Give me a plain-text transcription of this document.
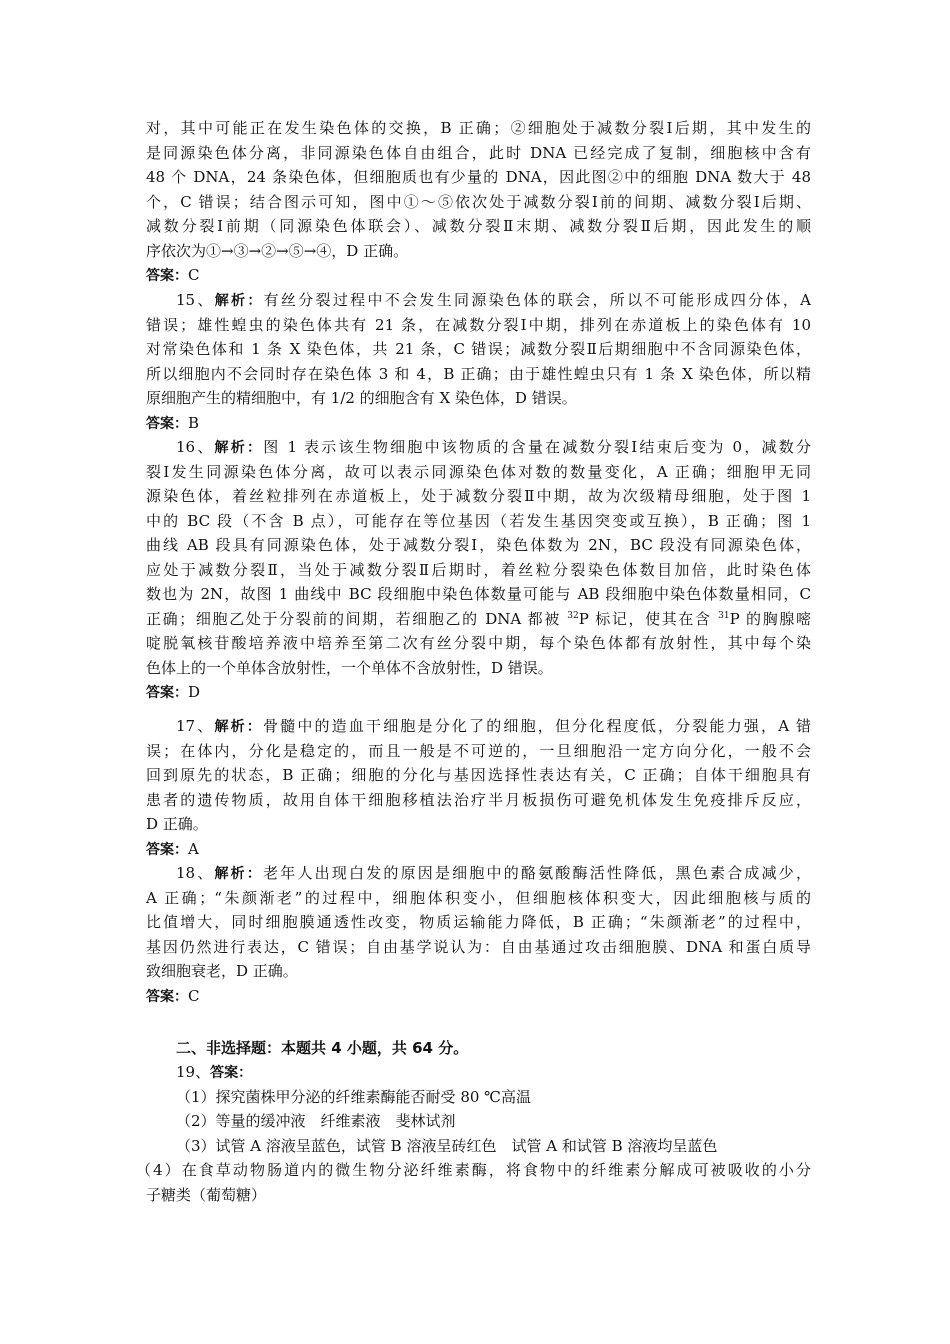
对，其中可能正在发生染色体的交换，B 正确；②细胞处于减数分裂Ⅰ后期，其中发生的
是同源染色体分离，非同源染色体自由组合，此时 DNA 已经完成了复制，细胞核中含有
48 个 DNA，24 条染色体，但细胞质也有少量的 DNA，因此图②中的细胞 DNA 数大于 48
个，C 错误；结合图示可知，图中①～⑤依次处于减数分裂Ⅰ前的间期、减数分裂Ⅰ后期、
减数分裂Ⅰ前期（同源染色体联会）、减数分裂Ⅱ末期、减数分裂Ⅱ后期，因此发生的顺
序依次为①→③→②→⑤→④，D 正确。
答案：C
15、解析：有丝分裂过程中不会发生同源染色体的联会，所以不可能形成四分体，A
错误；雄性蝗虫的染色体共有 21 条，在减数分裂Ⅰ中期，排列在赤道板上的染色体有 10
对常染色体和 1 条 X 染色体，共 21 条，C 错误；减数分裂Ⅱ后期细胞中不含同源染色体，
所以细胞内不会同时存在染色体 3 和 4，B 正确；由于雄性蝗虫只有 1 条 X 染色体，所以精
原细胞产生的精细胞中，有 1/2 的细胞含有 X 染色体，D 错误。
答案：B
16、解析：图 1 表示该生物细胞中该物质的含量在减数分裂Ⅰ结束后变为 0，减数分
裂Ⅰ发生同源染色体分离，故可以表示同源染色体对数的数量变化，A 正确；细胞甲无同
源染色体，着丝粒排列在赤道板上，处于减数分裂Ⅱ中期，故为次级精母细胞，处于图 1
中的 BC 段（不含 B 点），可能存在等位基因（若发生基因突变或互换），B 正确；图 1
曲线 AB 段具有同源染色体，处于减数分裂Ⅰ，染色体数为 2N，BC 段没有同源染色体，
应处于减数分裂Ⅱ，当处于减数分裂Ⅱ后期时，着丝粒分裂染色体数目加倍，此时染色体
数也为 2N，故图 1 曲线中 BC 段细胞中染色体数量可能与 AB 段细胞中染色体数量相同，C
正确；细胞乙处于分裂前的间期，若细胞乙的 DNA 都被 $^{32}$P 标记，使其在含 $^{31}$P 的胸腺嘧
啶脱氧核苷酸培养液中培养至第二次有丝分裂中期，每个染色体都有放射性，其中每个染
色体上的一个单体含放射性，一个单体不含放射性，D 错误。
答案：D
17、解析：骨髓中的造血干细胞是分化了的细胞，但分化程度低，分裂能力强，A 错
误；在体内，分化是稳定的，而且一般是不可逆的，一旦细胞沿一定方向分化，一般不会
回到原先的状态，B 正确；细胞的分化与基因选择性表达有关，C 正确；自体干细胞具有
患者的遗传物质，故用自体干细胞移植法治疗半月板损伤可避免机体发生免疫排斥反应，
D 正确。
答案：A
18、解析：老年人出现白发的原因是细胞中的酪氨酸酶活性降低，黑色素合成减少，
A 正确；“朱颜渐老”的过程中，细胞体积变小，但细胞核体积变大，因此细胞核与质的
比值增大，同时细胞膜通透性改变，物质运输能力降低，B 正确；“朱颜渐老”的过程中，
基因仍然进行表达，C 错误；自由基学说认为：自由基通过攻击细胞膜、DNA 和蛋白质导
致细胞衰老，D 正确。
答案：C
二、非选择题：本题共 4 小题，共 64 分。
19、答案：
（1）探究菌株甲分泌的纤维素酶能否耐受 80 ℃高温
（2）等量的缓冲液　纤维素液　斐林试剂
（3）试管 A 溶液呈蓝色，试管 B 溶液呈砖红色　试管 A 和试管 B 溶液均呈蓝色
（4）在食草动物肠道内的微生物分泌纤维素酶，将食物中的纤维素分解成可被吸收的小分
子糖类（葡萄糖）
